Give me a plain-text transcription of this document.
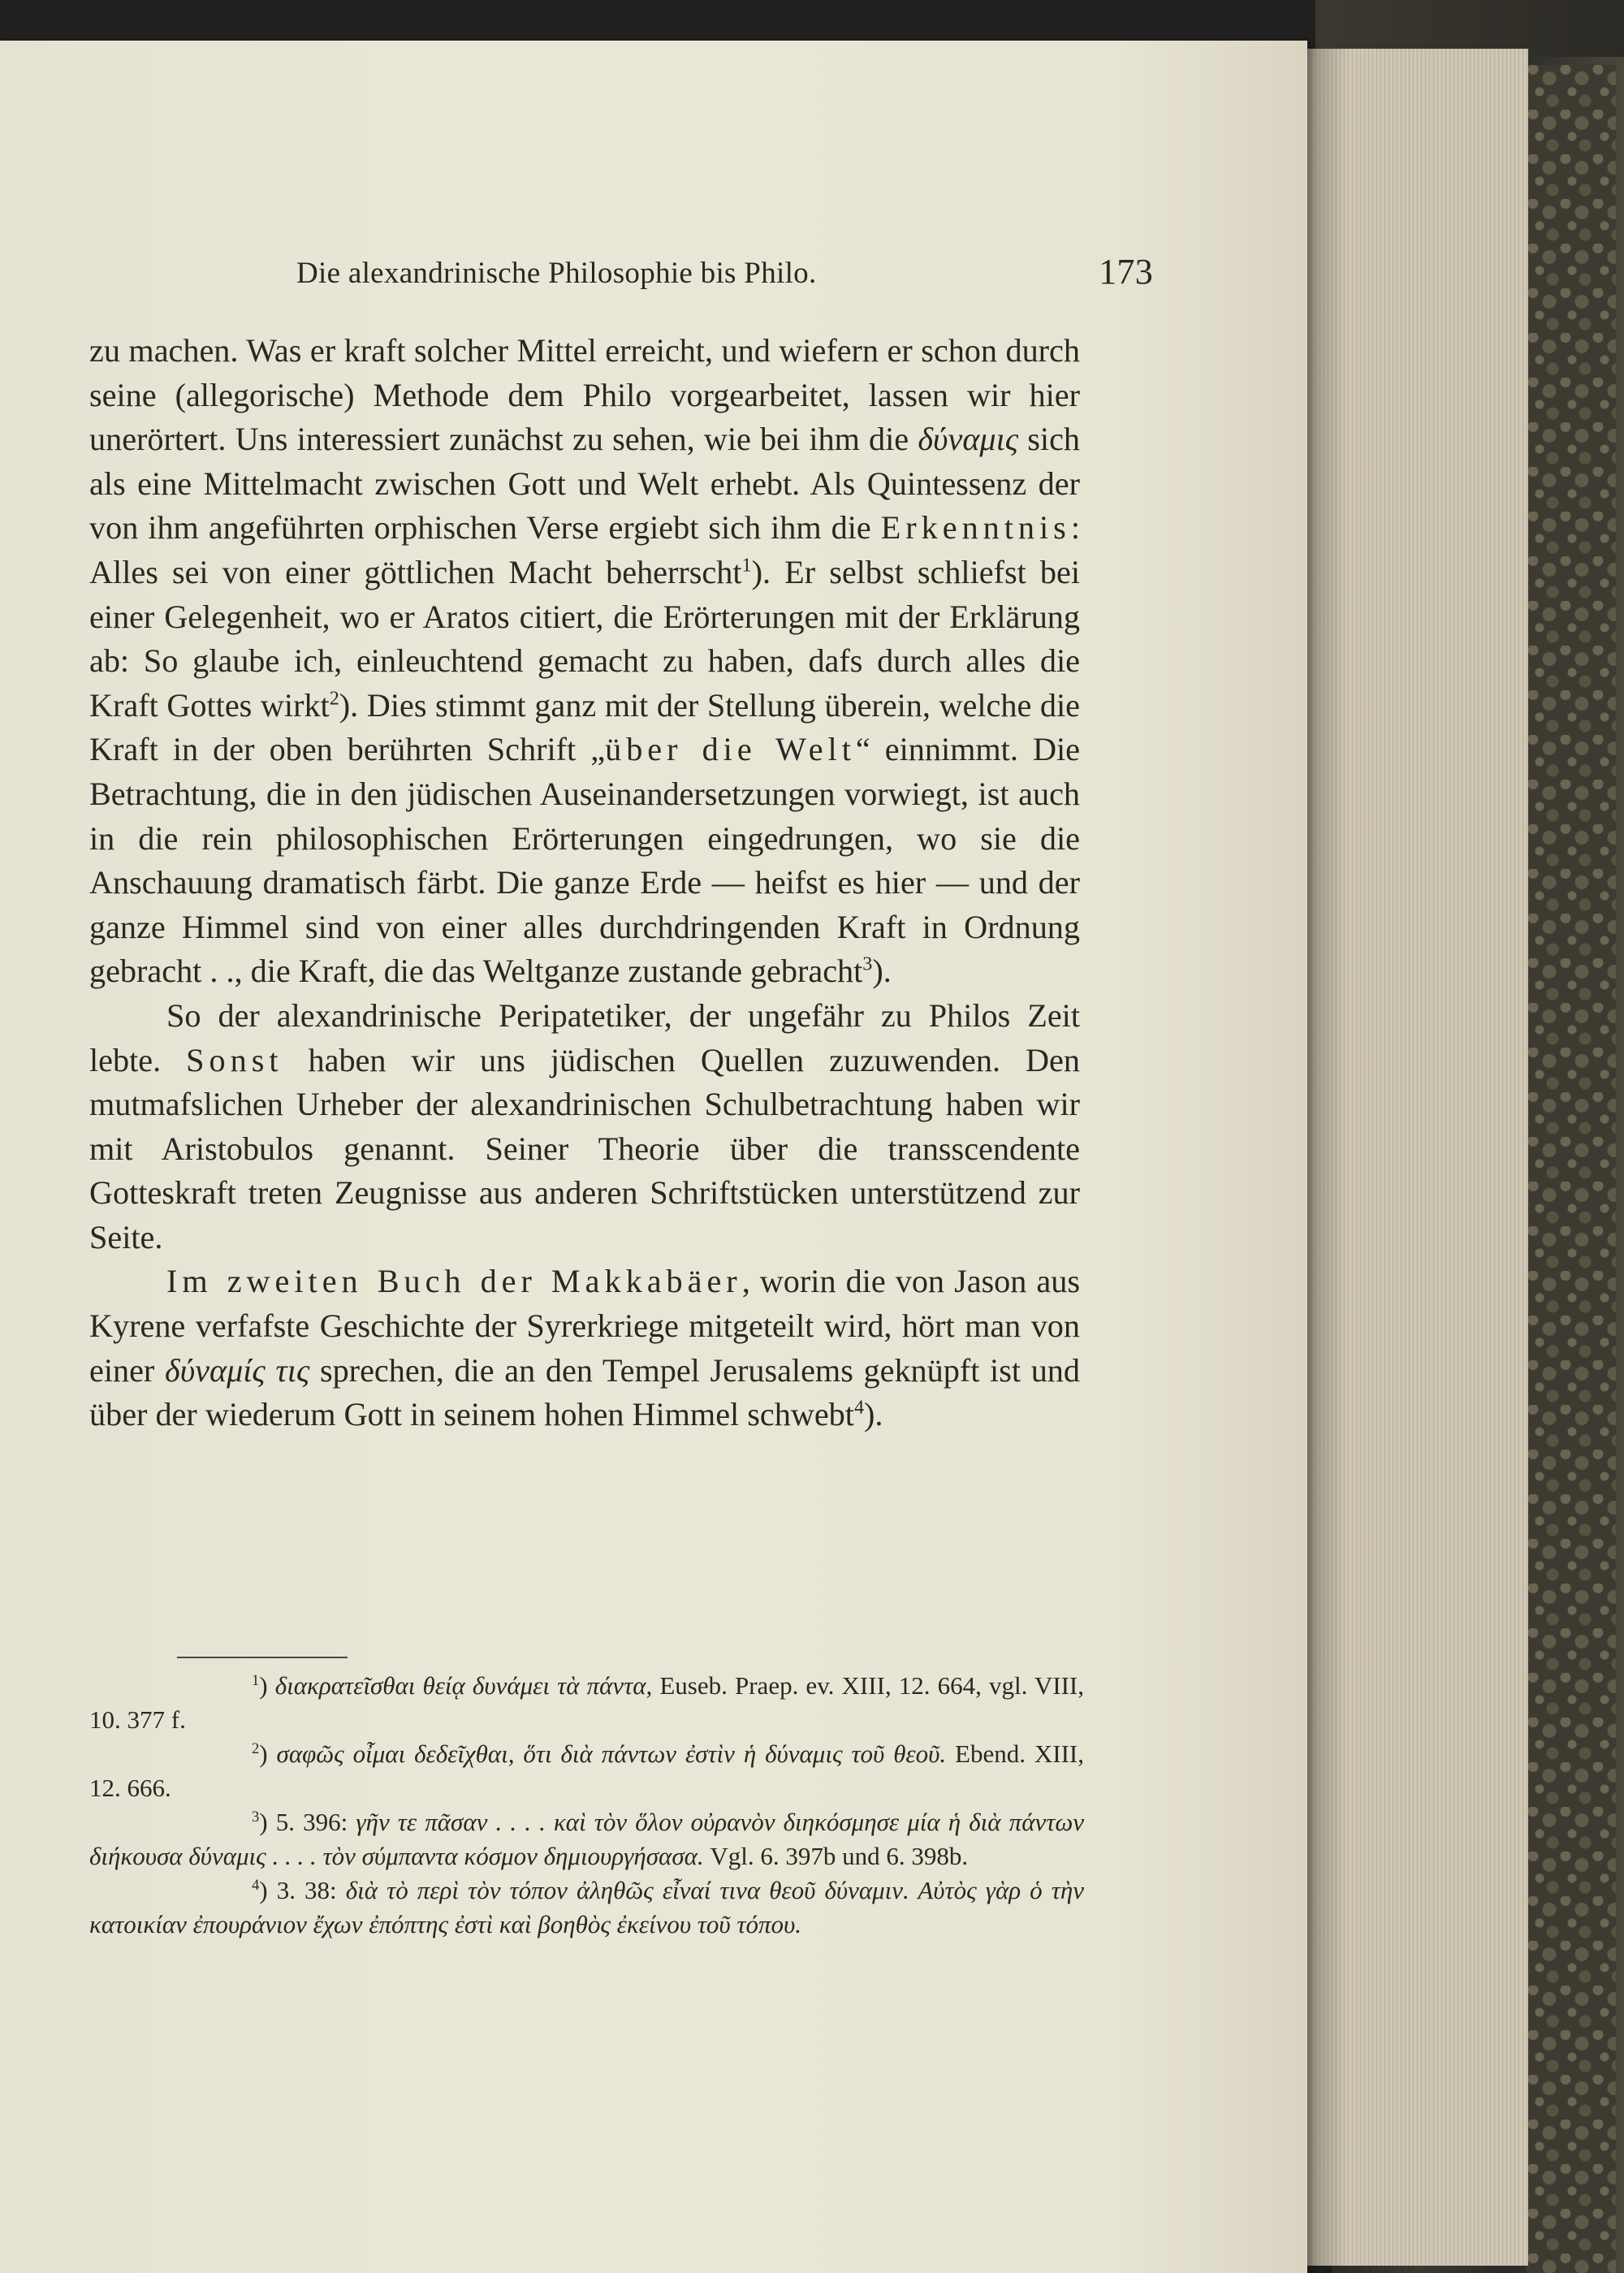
Die alexandrinische Philosophie bis Philo.	173

zu machen. Was er kraft solcher Mittel erreicht, und wiefern er schon durch seine (allegorische) Methode dem Philo vorgearbeitet, lassen wir hier unerörtert. Uns interessiert zunächst zu sehen, wie bei ihm die δύναμις sich als eine Mittelmacht zwischen Gott und Welt erhebt. Als Quintessenz der von ihm angeführten orphischen Verse ergiebt sich ihm die Erkenntnis: Alles sei von einer göttlichen Macht beherrscht$^1$). Er selbst schliefst bei einer Gelegenheit, wo er Aratos citiert, die Erörterungen mit der Erklärung ab: So glaube ich, einleuchtend gemacht zu haben, dafs durch alles die Kraft Gottes wirkt$^2$). Dies stimmt ganz mit der Stellung überein, welche die Kraft in der oben berührten Schrift „über die Welt“ einnimmt. Die Betrachtung, die in den jüdischen Auseinandersetzungen vorwiegt, ist auch in die rein philosophischen Erörterungen eingedrungen, wo sie die Anschauung dramatisch färbt. Die ganze Erde — heifst es hier — und der ganze Himmel sind von einer alles durchdringenden Kraft in Ordnung gebracht . ., die Kraft, die das Weltganze zustande gebracht$^3$).

So der alexandrinische Peripatetiker, der ungefähr zu Philos Zeit lebte. Sonst haben wir uns jüdischen Quellen zuzuwenden. Den mutmafslichen Urheber der alexandrinischen Schulbetrachtung haben wir mit Aristobulos genannt. Seiner Theorie über die transscendente Gotteskraft treten Zeugnisse aus anderen Schriftstücken unterstützend zur Seite.

Im zweiten Buch der Makkabäer, worin die von Jason aus Kyrene verfafste Geschichte der Syrerkriege mitgeteilt wird, hört man von einer δύναμίς τις sprechen, die an den Tempel Jerusalems geknüpft ist und über der wiederum Gott in seinem hohen Himmel schwebt$^4$).

$^1$) διακρατεῖσθαι θείᾳ δυνάμει τὰ πάντα, Euseb. Praep. ev. XIII, 12. 664, vgl. VIII, 10. 377 f.

$^2$) σαφῶς οἶμαι δεδεῖχθαι, ὅτι διὰ πάντων ἐστὶν ἡ δύναμις τοῦ θεοῦ. Ebend. XIII, 12. 666.

$^3$) 5. 396: γῆν τε πᾶσαν . . . . καὶ τὸν ὅλον οὐρανὸν διηκόσμησε μία ἡ διὰ πάντων διήκουσα δύναμις . . . . τὸν σύμπαντα κόσμον δημιουργήσασα. Vgl. 6. 397b und 6. 398b.

$^4$) 3. 38: διὰ τὸ περὶ τὸν τόπον ἀληθῶς εἶναί τινα θεοῦ δύναμιν. Αὐτὸς γὰρ ὁ τὴν κατοικίαν ἐπουράνιον ἔχων ἐπόπτης ἐστὶ καὶ βοηθὸς ἐκείνου τοῦ τόπου.
